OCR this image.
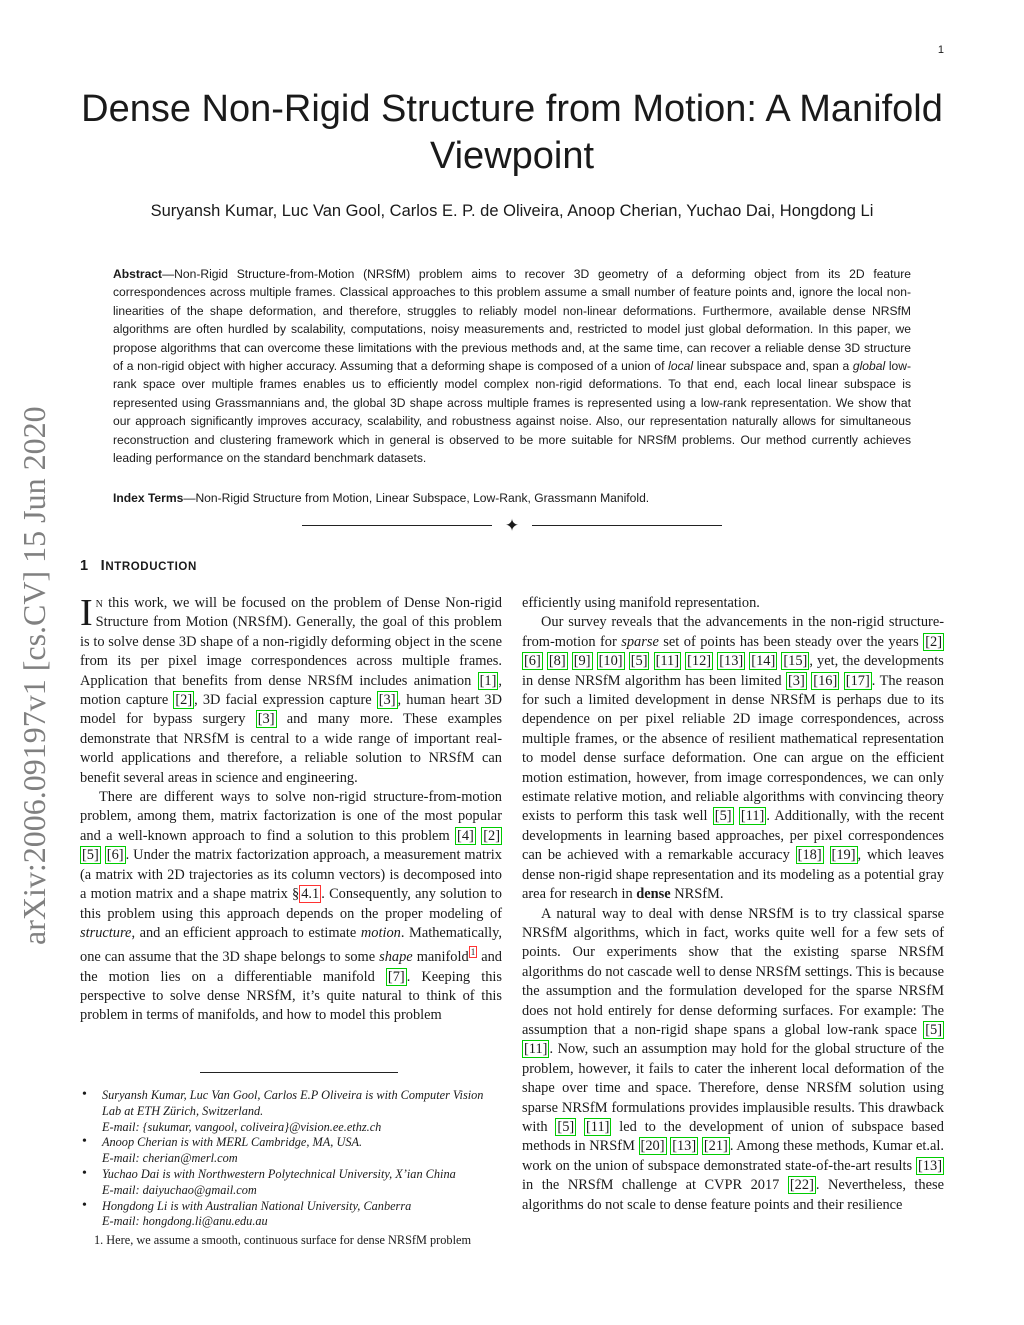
1
Dense Non-Rigid Structure from Motion: A Manifold Viewpoint
Suryansh Kumar, Luc Van Gool, Carlos E. P. de Oliveira, Anoop Cherian, Yuchao Dai, Hongdong Li

Abstract—Non-Rigid Structure-from-Motion (NRSfM) problem aims to recover 3D geometry of a deforming object from its 2D feature correspondences across multiple frames. Classical approaches to this problem assume a small number of feature points and, ignore the local non-linearities of the shape deformation, and therefore, struggles to reliably model non-linear deformations. Furthermore, available dense NRSfM algorithms are often hurdled by scalability, computations, noisy measurements and, restricted to model just global deformation. In this paper, we propose algorithms that can overcome these limitations with the previous methods and, at the same time, can recover a reliable dense 3D structure of a non-rigid object with higher accuracy. Assuming that a deforming shape is composed of a union of local linear subspace and, span a global low-rank space over multiple frames enables us to efficiently model complex non-rigid deformations. To that end, each local linear subspace is represented using Grassmannians and, the global 3D shape across multiple frames is represented using a low-rank representation. We show that our approach significantly improves accuracy, scalability, and robustness against noise. Also, our representation naturally allows for simultaneous reconstruction and clustering framework which in general is observed to be more suitable for NRSfM problems. Our method currently achieves leading performance on the standard benchmark datasets.

Index Terms—Non-Rigid Structure from Motion, Linear Subspace, Low-Rank, Grassmann Manifold.
✦
arXiv:2006.09197v1 [cs.CV] 15 Jun 2020 1 INTRODUCTION

In this work, we will be focused on the problem of Dense Non-rigid Structure from Motion (NRSfM). Generally, the goal of this problem is to solve dense 3D shape of a non-rigidly deforming object in the scene from its per pixel image correspondences across multiple frames. Application that benefits from dense NRSfM includes animation [1] , motion capture [2] , 3D facial expression capture [3] , human heart 3D model for bypass surgery [3] and many more. These examples demonstrate that NRSfM is central to a wide range of important real-world applications and therefore, a reliable solution to NRSfM can benefit several areas in science and engineering.

There are different ways to solve non-rigid structure-from-motion problem, among them, matrix factorization is one of the most popular and a well-known approach to find a solution to this problem [4] [2] [5] [6] . Under the matrix factorization approach, a measurement matrix (a matrix with 2D trajectories as its column vectors) is decomposed into a motion matrix and a shape matrix § 4.1 . Consequently, any solution to this problem using this approach depends on the proper modeling of structure, and an efficient approach to estimate motion. Mathematically, one can assume that the 3D shape belongs to some shape manifold $^1$ and the motion lies on a differentiable manifold [7] . Keeping this perspective to solve dense NRSfM, it’s quite natural to think of this problem in terms of manifolds, and how to model this problem

efficiently using manifold representation.

Our survey reveals that the advancements in the non-rigid structure-from-motion for sparse set of points has been steady over the years [2] [6] [8] [9] [10] [5] [11] [12] [13] [14] [15] , yet, the developments in dense NRSfM algorithm has been limited [3] [16] [17] . The reason for such a limited development in dense NRSfM is perhaps due to its dependence on per pixel reliable 2D image correspondences, across multiple frames, or the absence of resilient mathematical representation to model dense surface deformation. One can argue on the efficient motion estimation, however, from image correspondences, we can only estimate relative motion, and reliable algorithms with convincing theory exists to perform this task well [5] [11] . Additionally, with the recent developments in learning based approaches, per pixel correspondences can be achieved with a remarkable accuracy [18] [19] , which leaves dense non-rigid shape representation and its modeling as a potential gray area for research in dense NRSfM.

A natural way to deal with dense NRSfM is to try classical sparse NRSfM algorithms, which in fact, works quite well for a few sets of points. Our experiments show that the existing sparse NRSfM algorithms do not cascade well to dense NRSfM settings. This is because the assumption and the formulation developed for the sparse NRSfM does not hold entirely for dense deforming surfaces. For example: The assumption that a non-rigid shape spans a global low-rank space [5] [11] . Now, such an assumption may hold for the global structure of the problem, however, it fails to cater the inherent local deformation of the shape over time and space. Therefore, dense NRSfM solution using sparse NRSfM formulations provides implausible results. This drawback with [5] [11] led to the development of union of subspace based methods in NRSfM [20] [13] [21] . Among these methods, Kumar et.al. work on the union of subspace demonstrated state-of-the-art results [13] in the NRSfM challenge at CVPR 2017 [22] . Nevertheless, these algorithms do not scale to dense feature points and their resilience

• Suryansh Kumar, Luc Van Gool, Carlos E.P Oliveira is with Computer Vision Lab at ETH Zürich, Switzerland.
E-mail: {sukumar, vangool, coliveira}@vision.ee.ethz.ch
• Anoop Cherian is with MERL Cambridge, MA, USA.
E-mail: cherian@merl.com
• Yuchao Dai is with Northwestern Polytechnical University, X’ian China
E-mail: daiyuchao@gmail.com
• Hongdong Li is with Australian National University, Canberra
E-mail: hongdong.li@anu.edu.au
1. Here, we assume a smooth, continuous surface for dense NRSfM problem
